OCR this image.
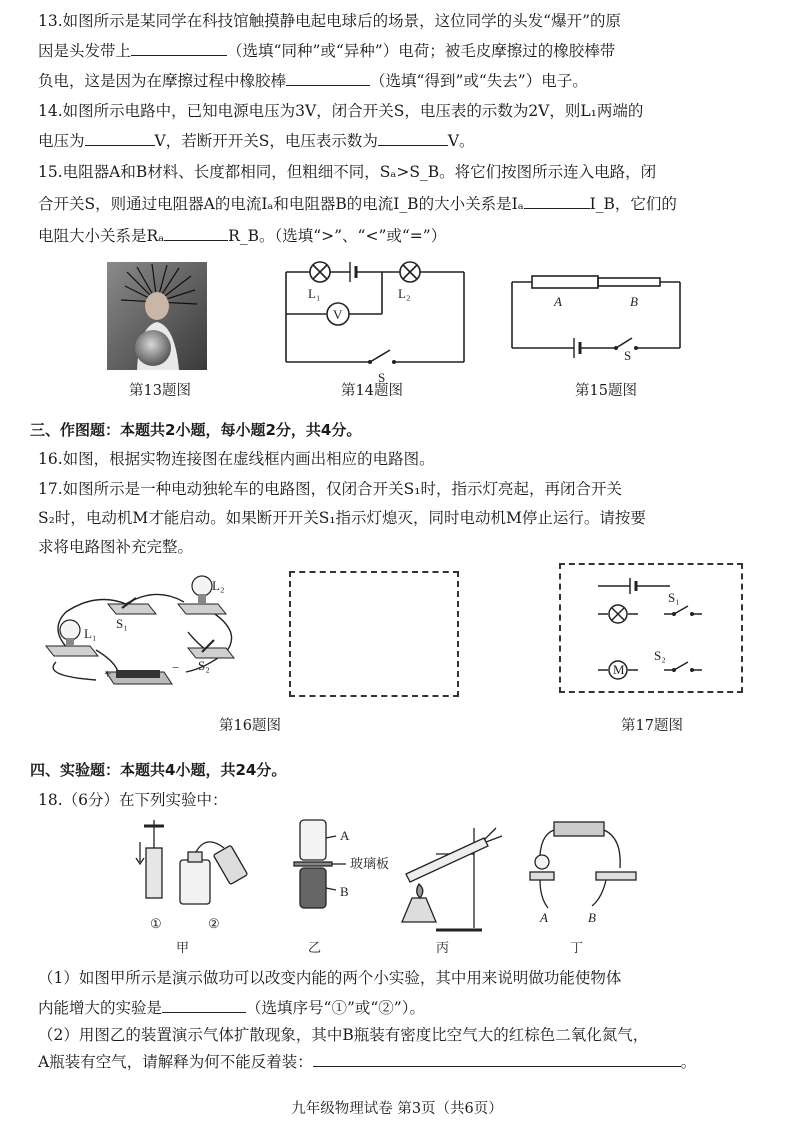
13.如图所示是某同学在科技馆触摸静电起电球后的场景，这位同学的头发“爆开”的原
因是头发带上	（选填“同种”或“异种”）电荷；被毛皮摩擦过的橡胶棒带
负电，这是因为在摩擦过程中橡胶棒	（选填“得到”或“失去”）电子。
14.如图所示电路中，已知电源电压为3V，闭合开关S，电压表的示数为2V，则L₁两端的
电压为	V，若断开开关S，电压表示数为	V。
15.电阻器A和B材料、长度都相同，但粗细不同，Sₐ>S_B。将它们按图所示连入电路，闭
合开关S，则通过电阻器A的电流Iₐ和电阻器B的电流I_B的大小关系是Iₐ	I_B，它们的
电阻大小关系是Rₐ	R_B。（选填“>”、“<”或“=”）
L₁	L₂
V
S
A	B
S
第13题图	第14题图	第15题图
三、作图题：本题共2小题，每小题2分，共4分。
16.如图，根据实物连接图在虚线框内画出相应的电路图。
17.如图所示是一种电动独轮车的电路图，仅闭合开关S₁时，指示灯亮起，再闭合开关
S₂时，电动机M才能启动。如果断开开关S₁指示灯熄灭，同时电动机M停止运行。请按要
求将电路图补充完整。
L₂
L₁
S₁
S₂
+	−	M
S₁
S₂
第16题图	第17题图
四、实验题：本题共4小题，共24分。
18.（6分）在下列实验中：
①	②
A
玻璃板
B
A	B
甲	乙	丙	丁
（1）如图甲所示是演示做功可以改变内能的两个小实验，其中用来说明做功能使物体
内能增大的实验是	（选填序号“①”或“②”）。
（2）用图乙的装置演示气体扩散现象，其中B瓶装有密度比空气大的红棕色二氧化氮气，
A瓶装有空气，请解释为何不能反着装：	。
九年级物理试卷 第3页（共6页）
